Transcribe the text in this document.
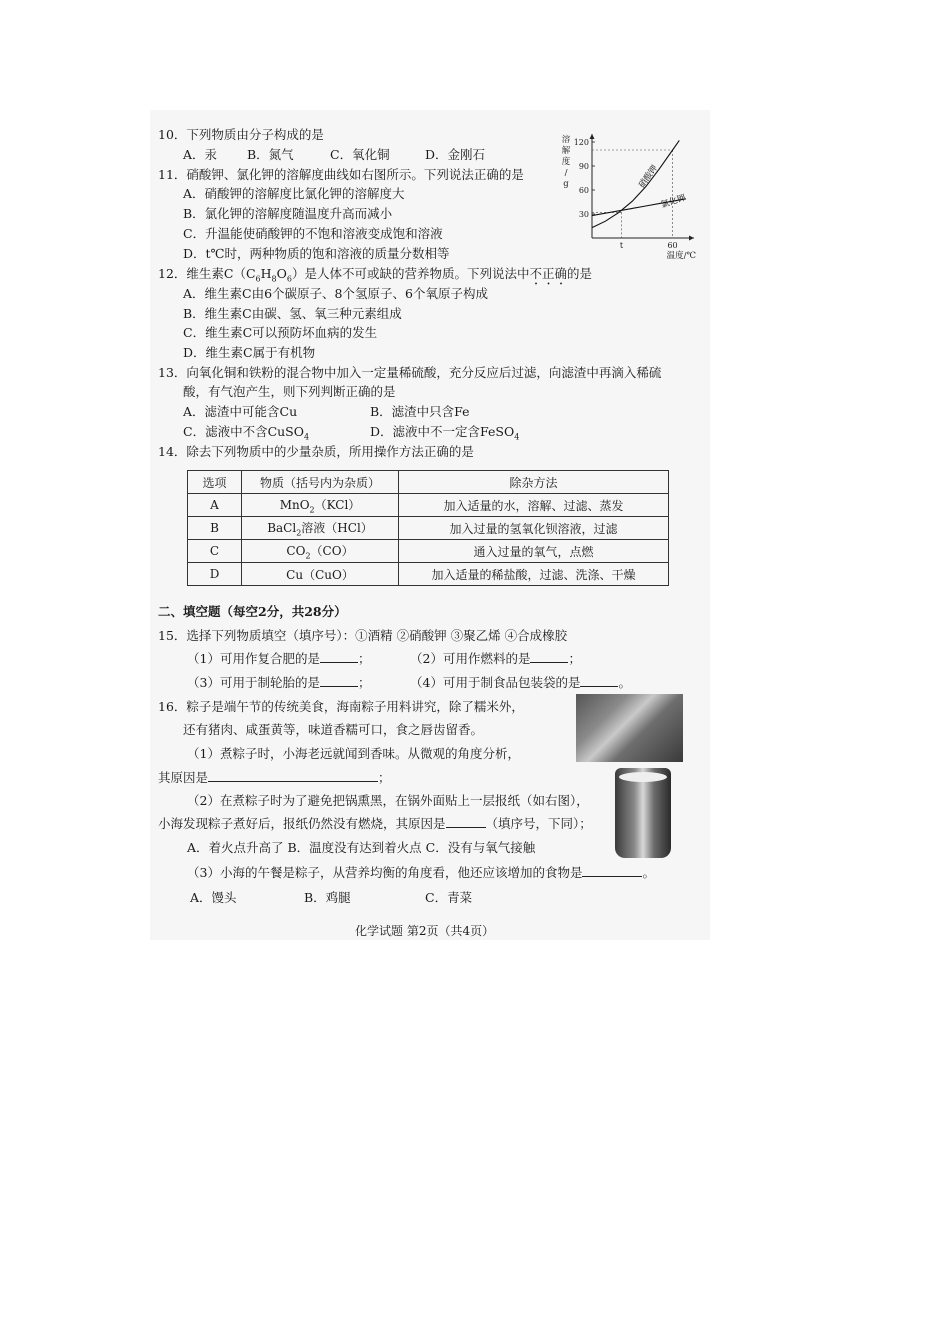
10．下列物质由分子构成的是
A．汞 B．氮气	C．氧化铜	D．金刚石
11．硝酸钾、氯化钾的溶解度曲线如右图所示。下列说法正确的是
A．硝酸钾的溶解度比氯化钾的溶解度大
B．氯化钾的溶解度随温度升高而减小
C．升温能使硝酸钾的不饱和溶液变成饱和溶液
D．t℃时，两种物质的饱和溶液的质量分数相等
120
90
60
30
t	60
溶
解
度
/
g
温度/℃
硝酸钾
氯化钾
12．维生素$C(C_6H_8O_6)$是人体不可或缺的营养物质。下列说法中不正确的是
A．维生素C由6个碳原子、8个氢原子、6个氧原子构成
B．维生素C由碳、氢、氧三种元素组成
C．维生素C可以预防坏血病的发生
D．维生素C属于有机物
13．向氧化铜和铁粉的混合物中加入一定量稀硫酸，充分反应后过滤，向滤渣中再滴入稀硫
酸，有气泡产生，则下列判断正确的是
A．滤渣中可能含Cu	B．滤渣中只含Fe
C．滤液中不含CuSO$_4$	D．滤液中不一定含FeSO$_4$
14．除去下列物质中的少量杂质，所用操作方法正确的是
选项	物质（括号内为杂质）	除杂方法
A	MnO$_2$（KCl）	加入适量的水，溶解、过滤、蒸发
B	BaCl$_2$溶液（HCl）	加入过量的氢氧化钡溶液，过滤
C	$CO_2(CO)$	通入过量的氧气，点燃
D	Cu（CuO）	加入适量的稀盐酸，过滤、洗涤、干燥
二、填空题（每空2分，共28分）
15．选择下列物质填空（填序号）：①酒精 ②硝酸钾 ③聚乙烯 ④合成橡胶
（1）可用作复合肥的是	；	（2）可用作燃料的是	；
（3）可用于制轮胎的是	；	（4）可用于制食品包装袋的是	。
16．粽子是端午节的传统美食，海南粽子用料讲究，除了糯米外，
还有猪肉、咸蛋黄等，味道香糯可口，食之唇齿留香。
（1）煮粽子时，小海老远就闻到香味。从微观的角度分析，
其原因是	；
（2）在煮粽子时为了避免把锅熏黑，在锅外面贴上一层报纸（如右图），
小海发现粽子煮好后，报纸仍然没有燃烧，其原因是	（填序号，下同）；
A．着火点升高了 B．温度没有达到着火点 C．没有与氧气接触
（3）小海的午餐是粽子，从营养均衡的角度看，他还应该增加的食物是	。
A．馒头	B．鸡腿	C．青菜
化学试题 第2页（共4页）
